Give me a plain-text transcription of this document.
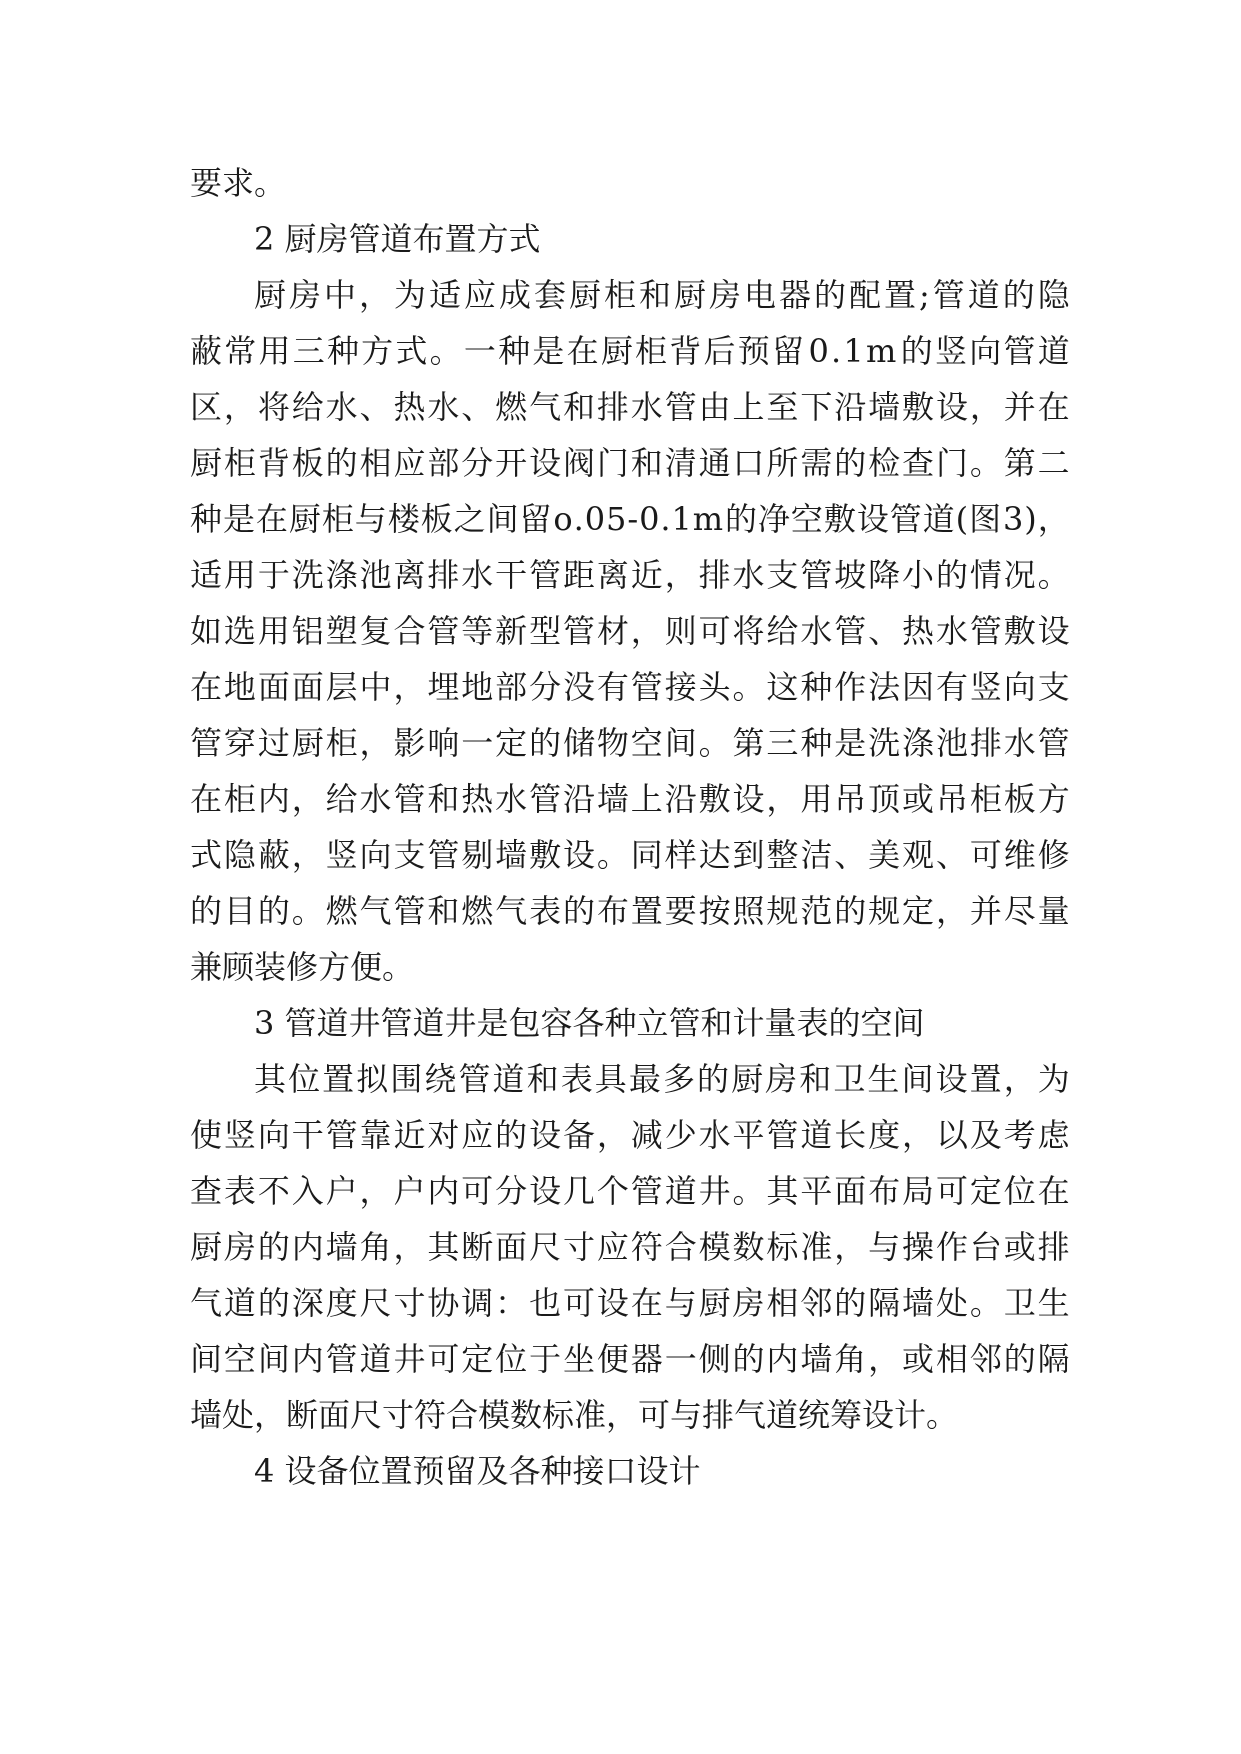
要求。
2 厨房管道布置方式
厨 房 中 ， 为 适 应 成 套 厨 柜 和 厨 房 电 器 的 配 置 ; 管 道 的 隐
蔽 常 用 三 种 方 式 。 一 种 是 在 厨 柜 背 后 预 留 0 . 1 m 的 竖 向 管 道
区 ， 将 给 水 、 热 水 、 燃 气 和 排 水 管 由 上 至 下 沿 墙 敷 设 ， 并 在
厨 柜 背 板 的 相 应 部 分 开 设 阀 门 和 清 通 口 所 需 的 检 查 门 。 第 二
种 是 在 厨 柜 与 楼 板 之 间 留 o . 0 5 - 0 . 1 m 的 净 空 敷 设 管 道 ( 图 3 ) ，
适 用 于 洗 涤 池 离 排 水 干 管 距 离 近 ， 排 水 支 管 坡 降 小 的 情 况 。
如 选 用 铝 塑 复 合 管 等 新 型 管 材 ， 则 可 将 给 水 管 、 热 水 管 敷 设
在 地 面 面 层 中 ， 埋 地 部 分 没 有 管 接 头 。 这 种 作 法 因 有 竖 向 支
管 穿 过 厨 柜 ， 影 响 一 定 的 储 物 空 间 。 第 三 种 是 洗 涤 池 排 水 管
在 柜 内 ， 给 水 管 和 热 水 管 沿 墙 上 沿 敷 设 ， 用 吊 顶 或 吊 柜 板 方
式 隐 蔽 ， 竖 向 支 管 剔 墙 敷 设 。 同 样 达 到 整 洁 、 美 观 、 可 维 修
的 目 的 。 燃 气 管 和 燃 气 表 的 布 置 要 按 照 规 范 的 规 定 ， 并 尽 量
兼顾装修方便。
3 管道井管道井是包容各种立管和计量表的空间
其 位 置 拟 围 绕 管 道 和 表 具 最 多 的 厨 房 和 卫 生 间 设 置 ， 为
使 竖 向 干 管 靠 近 对 应 的 设 备 ， 减 少 水 平 管 道 长 度 ， 以 及 考 虑
查 表 不 入 户 ， 户 内 可 分 设 几 个 管 道 井 。 其 平 面 布 局 可 定 位 在
厨 房 的 内 墙 角 ， 其 断 面 尺 寸 应 符 合 模 数 标 准 ， 与 操 作 台 或 排
气 道 的 深 度 尺 寸 协 调 ： 也 可 设 在 与 厨 房 相 邻 的 隔 墙 处 。 卫 生
间 空 间 内 管 道 井 可 定 位 于 坐 便 器 一 侧 的 内 墙 角 ， 或 相 邻 的 隔
墙处，断面尺寸符合模数标准，可与排气道统筹设计。
4 设备位置预留及各种接口设计
